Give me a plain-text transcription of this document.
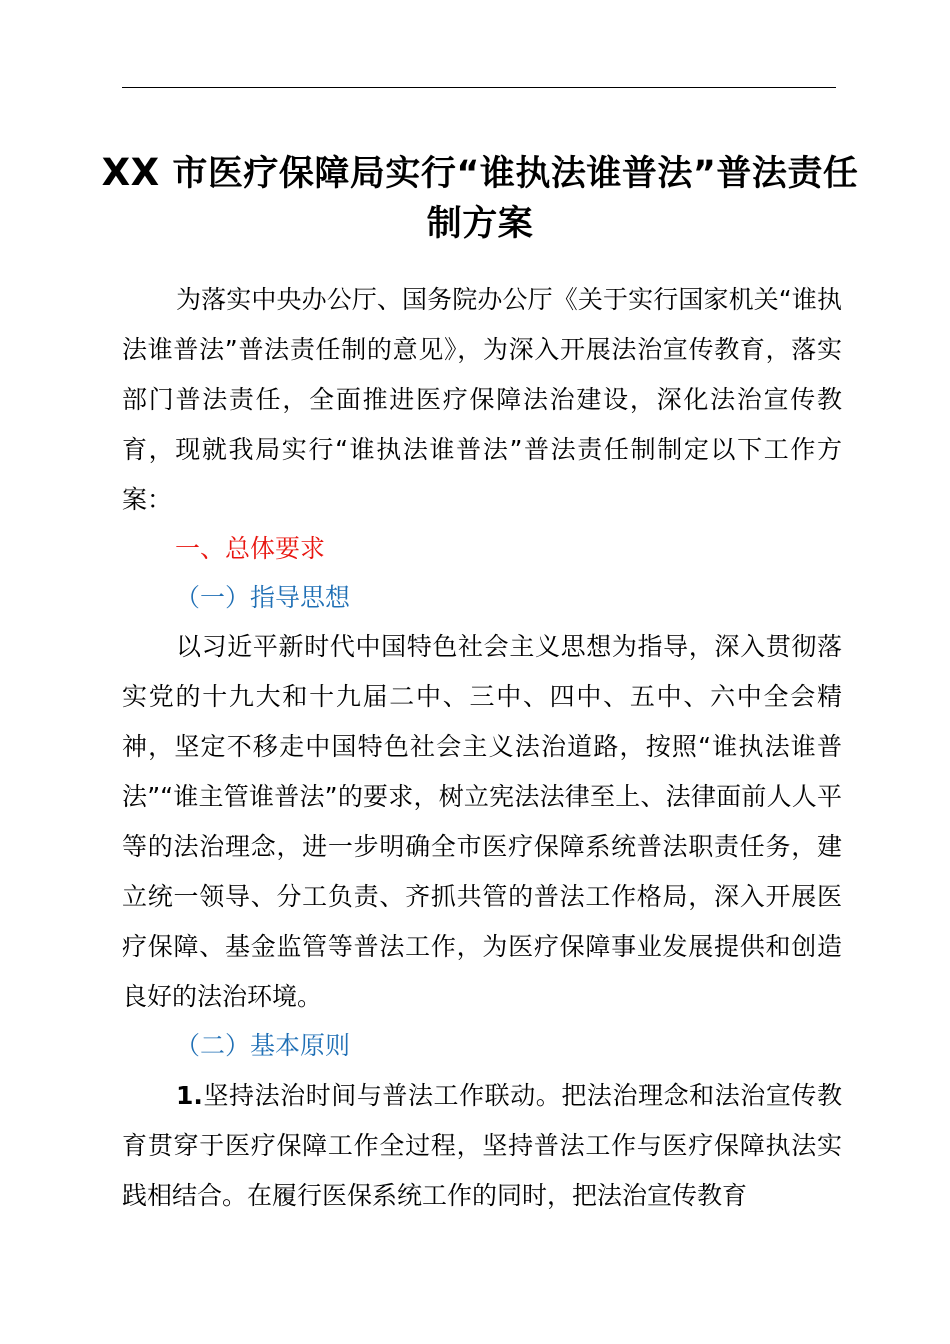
XX 市医疗保障局实行“谁执法谁普法”普法责任制方案
为落实中央办公厅、国务院办公厅《关于实行国家机关“谁执法谁普法”普法责任制的意见》，为深入开展法治宣传教育，落实部门普法责任，全面推进医疗保障法治建设，深化法治宣传教育，现就我局实行“谁执法谁普法”普法责任制制定以下工作方案：
一、总体要求
（一）指导思想
以习近平新时代中国特色社会主义思想为指导，深入贯彻落实党的十九大和十九届二中、三中、四中、五中、六中全会精神，坚定不移走中国特色社会主义法治道路，按照“谁执法谁普法”“谁主管谁普法”的要求，树立宪法法律至上、法律面前人人平等的法治理念，进一步明确全市医疗保障系统普法职责任务，建立统一领导、分工负责、齐抓共管的普法工作格局，深入开展医疗保障、基金监管等普法工作，为医疗保障事业发展提供和创造良好的法治环境。
（二）基本原则
1.坚持法治时间与普法工作联动。把法治理念和法治宣传教育贯穿于医疗保障工作全过程，坚持普法工作与医疗保障执法实践相结合。在履行医保系统工作的同时，把法治宣传教育
